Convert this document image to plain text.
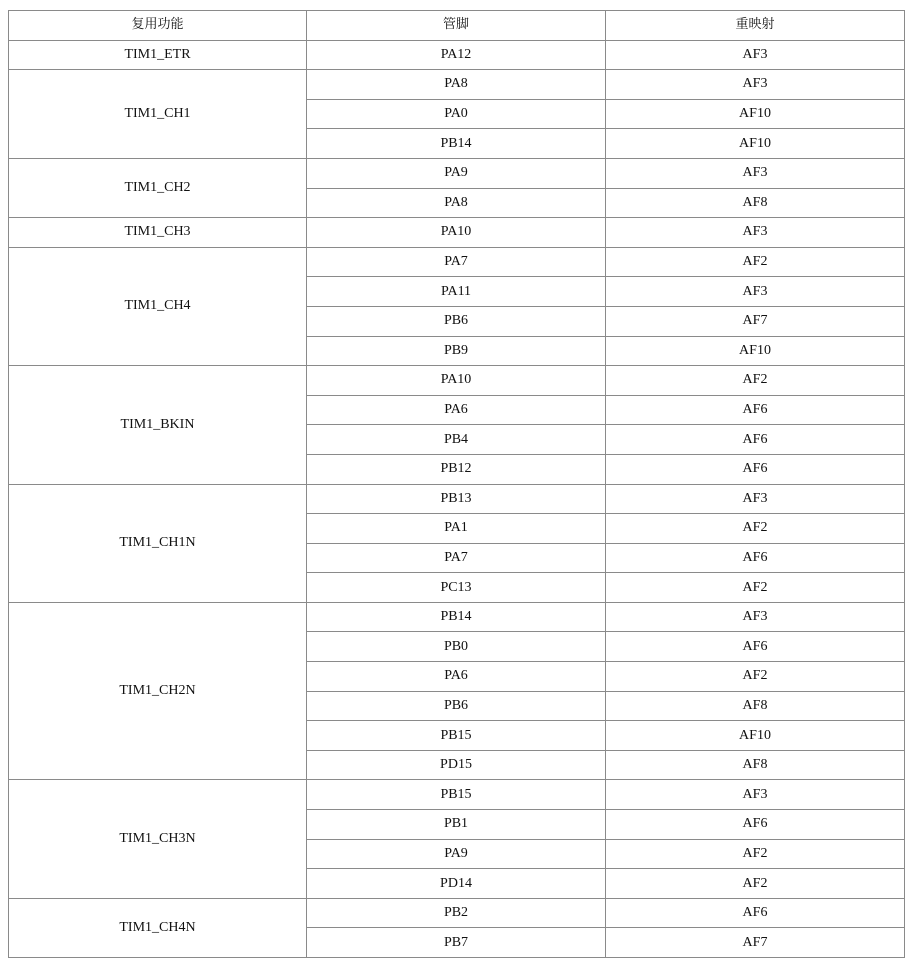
复用功能	管脚	重映射
TIM1_ETR	PA12	AF3
TIM1_CH1	PA8	AF3
	PA0	AF10
	PB14	AF10
TIM1_CH2	PA9	AF3
	PA8	AF8
TIM1_CH3	PA10	AF3
TIM1_CH4	PA7	AF2
	PA11	AF3
	PB6	AF7
	PB9	AF10
TIM1_BKIN	PA10	AF2
	PA6	AF6
	PB4	AF6
	PB12	AF6
TIM1_CH1N	PB13	AF3
	PA1	AF2
	PA7	AF6
	PC13	AF2
TIM1_CH2N	PB14	AF3
	PB0	AF6
	PA6	AF2
	PB6	AF8
	PB15	AF10
	PD15	AF8
TIM1_CH3N	PB15	AF3
	PB1	AF6
	PA9	AF2
	PD14	AF2
TIM1_CH4N	PB2	AF6
	PB7	AF7
